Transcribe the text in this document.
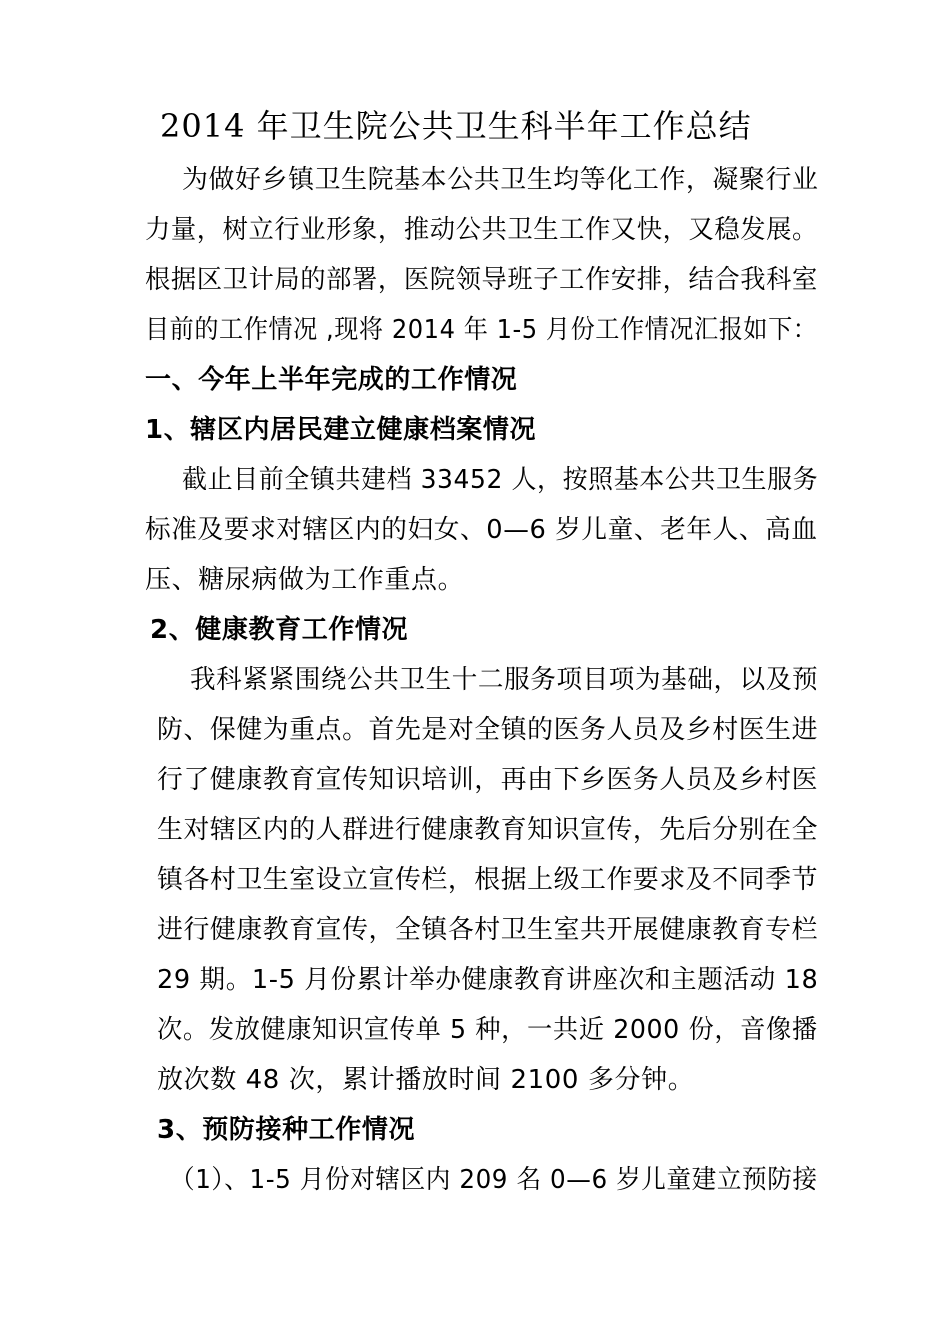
2014 年卫生院公共卫生科半年工作总结
为做好乡镇卫生院基本公共卫生均等化工作，凝聚行业
力量，树立行业形象，推动公共卫生工作又快，又稳发展。
根据区卫计局的部署，医院领导班子工作安排，结合我科室
目前的工作情况 ,现将 2014 年 1-5 月份工作情况汇报如下：
一、今年上半年完成的工作情况
1、辖区内居民建立健康档案情况
截止目前全镇共建档 33452 人，按照基本公共卫生服务
标准及要求对辖区内的妇女、0—6 岁儿童、老年人、高血
压、糖尿病做为工作重点。
2、健康教育工作情况
我科紧紧围绕公共卫生十二服务项目项为基础，以及预
防、保健为重点。首先是对全镇的医务人员及乡村医生进
行了健康教育宣传知识培训，再由下乡医务人员及乡村医
生对辖区内的人群进行健康教育知识宣传，先后分别在全
镇各村卫生室设立宣传栏，根据上级工作要求及不同季节
进行健康教育宣传，全镇各村卫生室共开展健康教育专栏
29 期。1-5 月份累计举办健康教育讲座次和主题活动 18
次。发放健康知识宣传单 5 种，一共近 2000 份，音像播
放次数 48 次，累计播放时间 2100 多分钟。
3、预防接种工作情况
（1）、1-5 月份对辖区内 209 名 0—6 岁儿童建立预防接
